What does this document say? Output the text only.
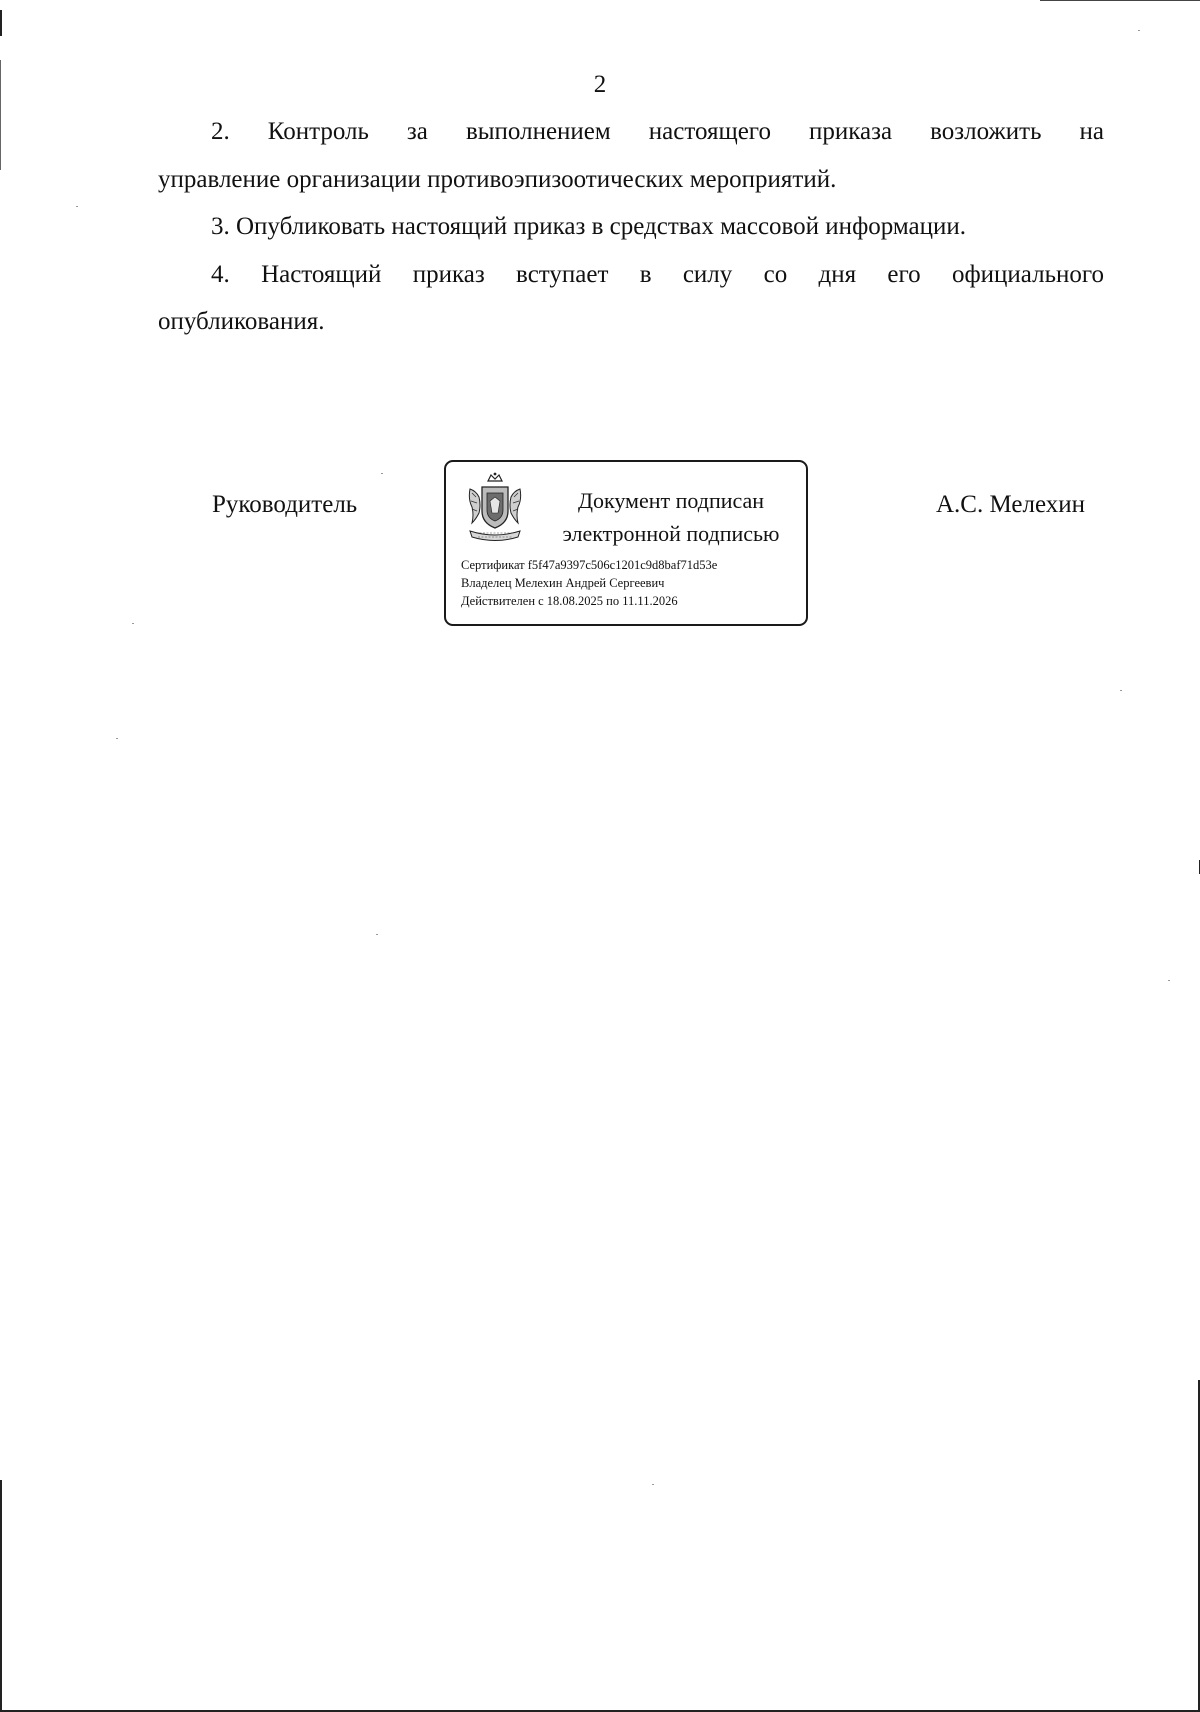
2

2. Контроль за выполнением настоящего приказа возложить на

управление организации противоэпизоотических мероприятий.

3. Опубликовать настоящий приказ в средствах массовой информации.

4. Настоящий приказ вступает в силу со дня его официального

опубликования.

Руководитель	Документ подписан
электронной подписью
Сертификат f5f47a9397c506c1201c9d8baf71d53e
Владелец Мелехин Андрей Сергеевич
Действителен с 18.08.2025 по 11.11.2026
А.С. Мелехин
